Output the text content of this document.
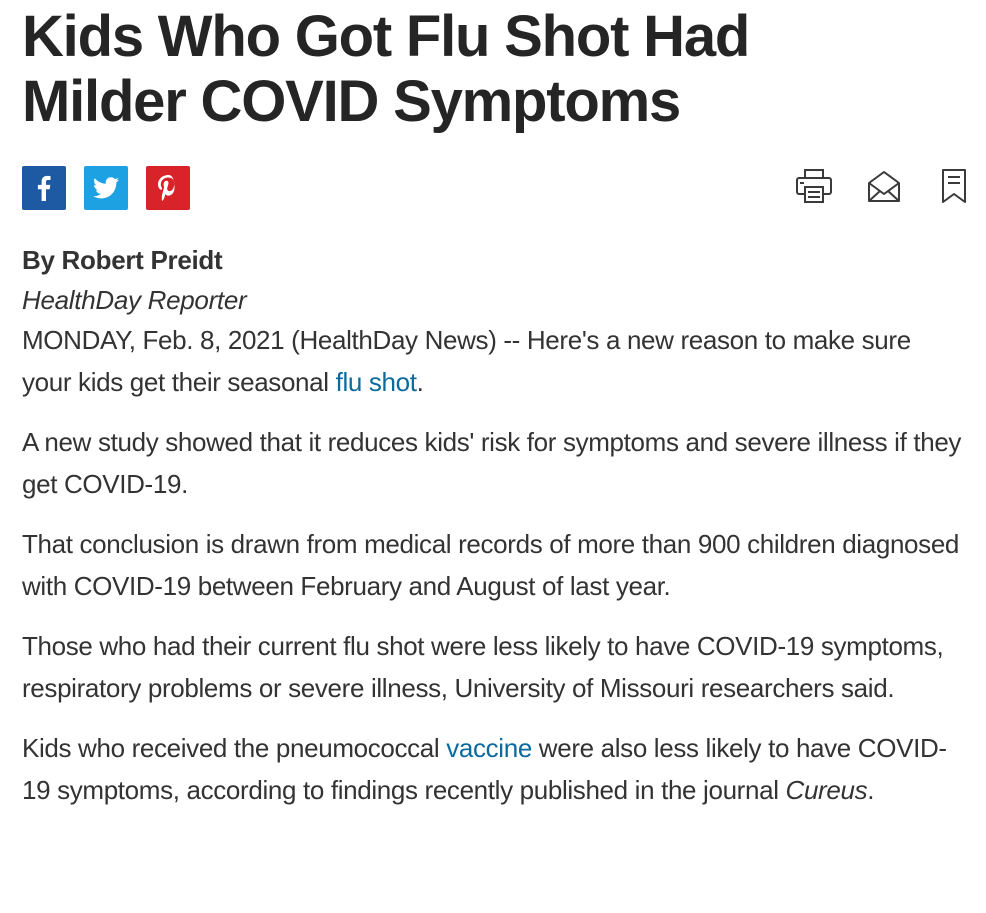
Kids Who Got Flu Shot Had Milder COVID Symptoms
By Robert Preidt
HealthDay Reporter

MONDAY, Feb. 8, 2021 (HealthDay News) -- Here's a new reason to make sure your kids get their seasonal flu shot.

A new study showed that it reduces kids' risk for symptoms and severe illness if they get COVID-19.

That conclusion is drawn from medical records of more than 900 children diagnosed with COVID-19 between February and August of last year.

Those who had their current flu shot were less likely to have COVID-19 symptoms, respiratory problems or severe illness, University of Missouri researchers said.

Kids who received the pneumococcal vaccine were also less likely to have COVID-19 symptoms, according to findings recently published in the journal Cureus.
